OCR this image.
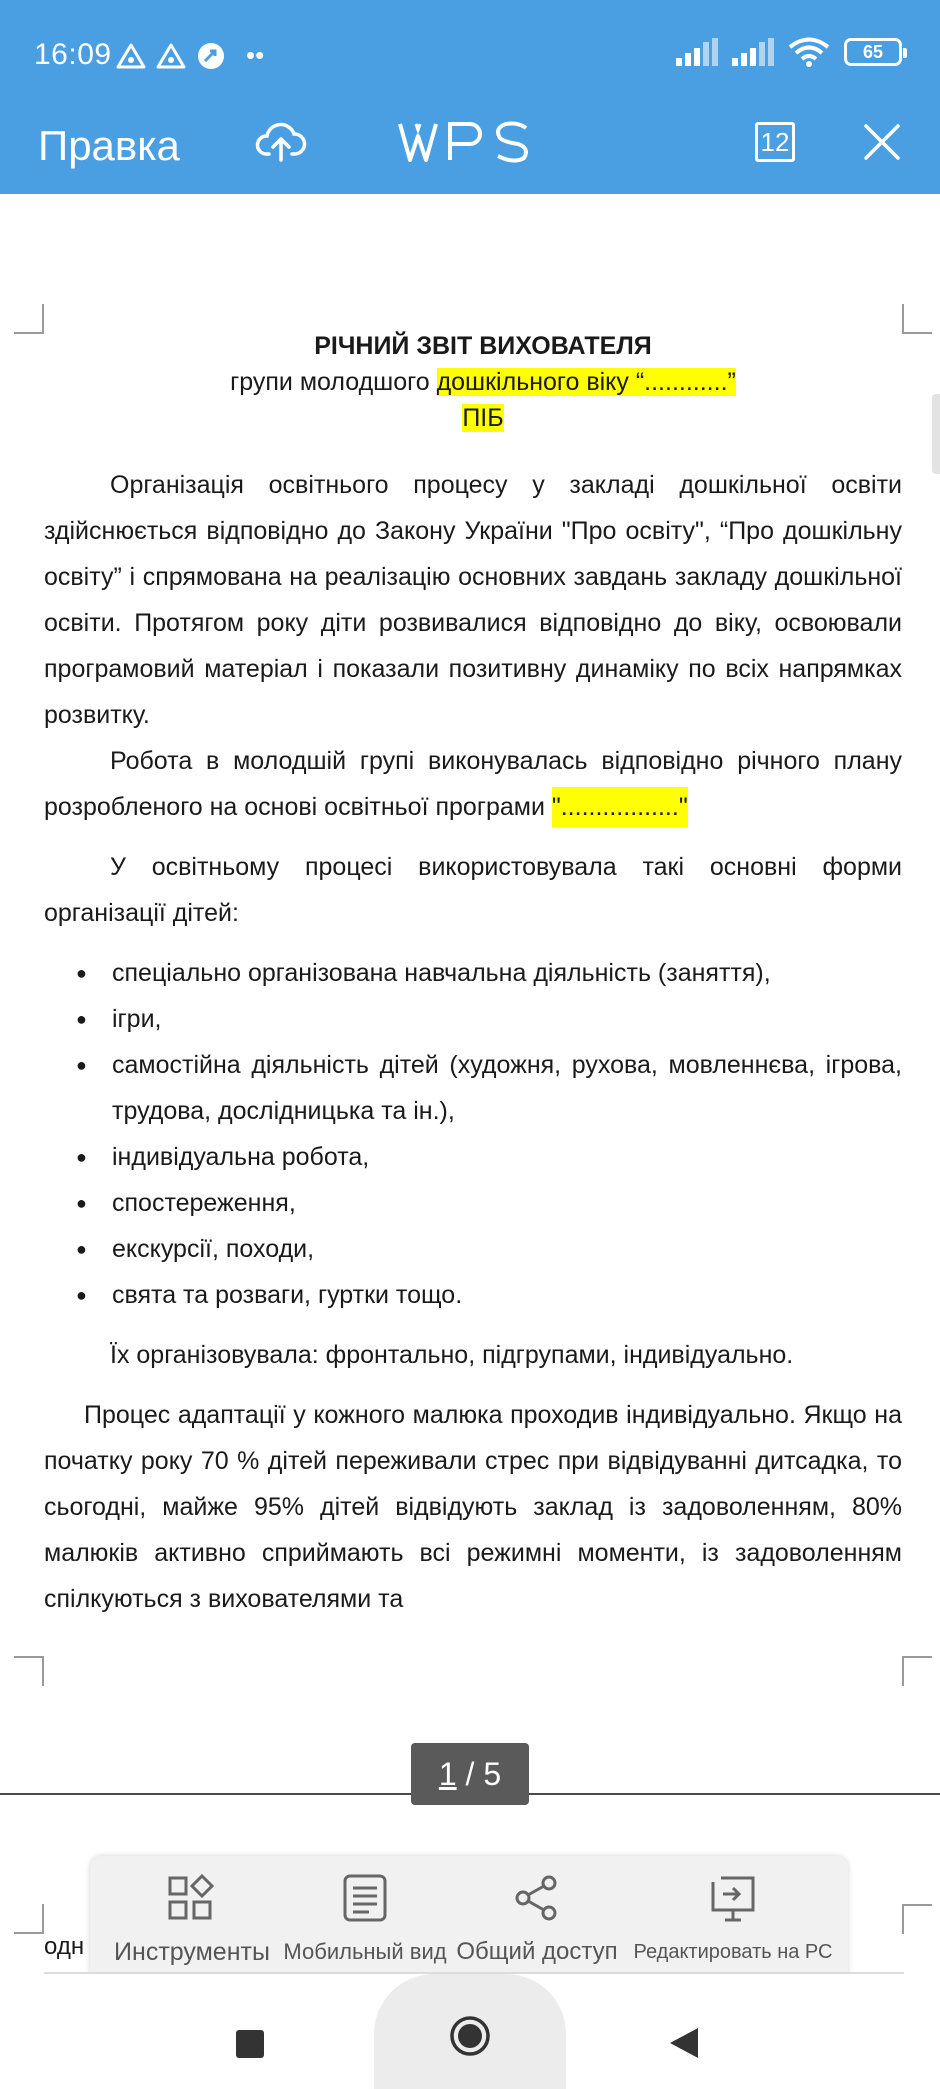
16:09	••	65
Правка	12
РІЧНИЙ ЗВІТ ВИХОВАТЕЛЯ
групи молодшого дошкільного віку “............”
ПІБ

Організація освітнього процесу у закладі дошкільної освіти здійснюється відповідно до Закону України "Про освіту", “Про дошкільну освіту” і спрямована на реалізацію основних завдань закладу дошкільної освіти. Протягом року діти розвивалися відповідно до віку, освоювали програмовий матеріал і показали позитивну динаміку по всіх напрямках розвитку.

Робота в молодшій групі виконувалась відповідно річного плану розробленого на основі освітньої програми "................."

У освітньому процесі використовувала такі основні форми організації дітей:

● спеціально організована навчальна діяльність (заняття),
● ігри,
● самостійна діяльність дітей (художня, рухова, мовленнєва, ігрова, трудова, дослідницька та ін.),
● індивідуальна робота,
● спостереження,
● екскурсії, походи,
● свята та розваги, гуртки тощо.

Їх організовувала: фронтально, підгрупами, індивідуально.

Процес адаптації у кожного малюка проходив індивідуально. Якщо на початку року 70 % дітей переживали стрес при відвідуванні дитсадка, то сьогодні, майже 95% дітей відвідують заклад із задоволенням, 80% малюків активно сприймають всі режимні моменти, із задоволенням спілкуються з вихователями та

1 / 5
одн	Инструменты Мобильный вид Общий доступ Редактировать на РС
